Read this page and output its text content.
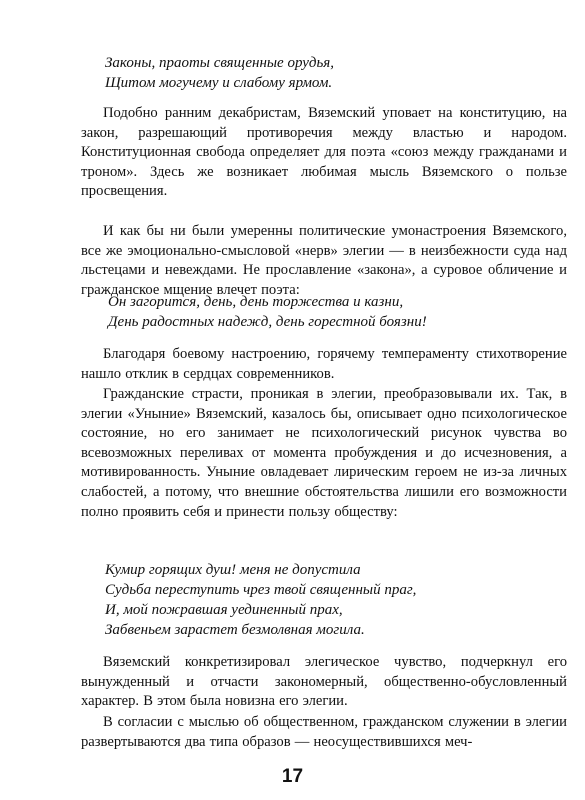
Законы, праоты священные орудья,
Щитом могучему и слабому ярмом.

Подобно ранним декабристам, Вяземский уповает на конституцию, на закон, разрешающий противоречия между властью и народом. Конституционная свобода определяет для поэта «союз между гражданами и троном». Здесь же возникает любимая мысль Вяземского о пользе просвещения.

И как бы ни были умеренны политические умонастроения Вяземского, все же эмоционально-смысловой «нерв» элегии — в неизбежности суда над льстецами и невеждами. Не прославление «закона», а суровое обличение и гражданское мщение влечет поэта:

Он загорится, день, день торжества и казни,
День радостных надежд, день горестной боязни!

Благодаря боевому настроению, горячему темпераменту стихотворение нашло отклик в сердцах современников.

Гражданские страсти, проникая в элегии, преобразовывали их. Так, в элегии «Уныние» Вяземский, казалось бы, описывает одно психологическое состояние, но его занимает не психологический рисунок чувства во всевозможных переливах от момента пробуждения и до исчезновения, а мотивированность. Уныние овладевает лирическим героем не из-за личных слабостей, а потому, что внешние обстоятельства лишили его возможности полно проявить себя и принести пользу обществу:

Кумир горящих душ! меня не допустила
Судьба переступить чрез твой священный праг,
И, мой пожравшая уединенный прах,
Забвеньем зарастет безмолвная могила.

Вяземский конкретизировал элегическое чувство, подчеркнул его вынужденный и отчасти закономерный, общественно-обусловленный характер. В этом была новизна его элегии.

В согласии с мыслью об общественном, гражданском служении в элегии развертываются два типа образов — неосуществившихся меч-

17
